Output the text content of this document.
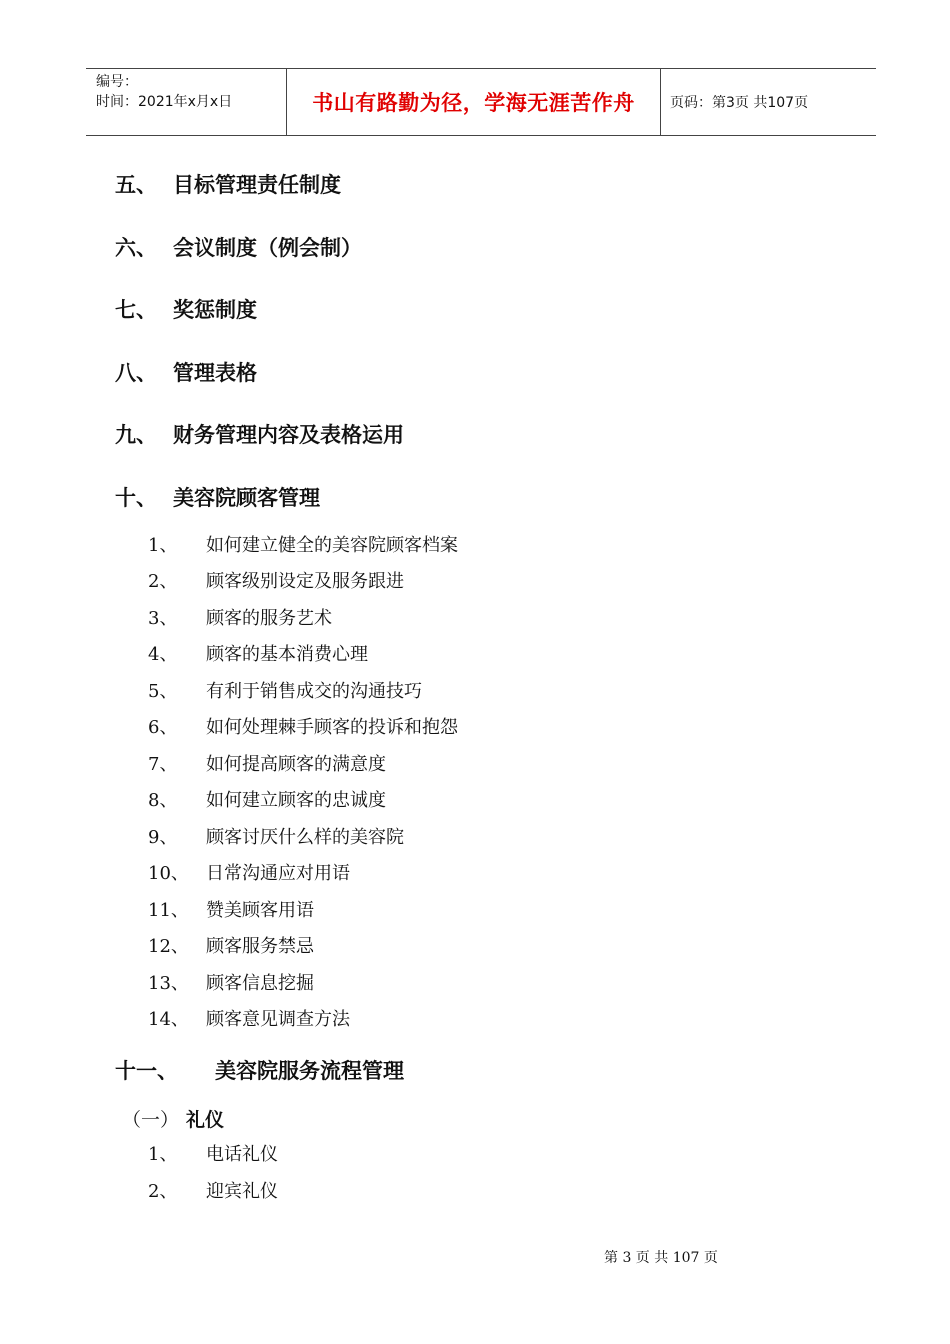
编号：
时间：2021年x月x日	书山有路勤为径，学海无涯苦作舟	页码：第3页 共107页
五、 目标管理责任制度
六、 会议制度（例会制）
七、 奖惩制度
八、 管理表格
九、 财务管理内容及表格运用
十、 美容院顾客管理
1、 如何建立健全的美容院顾客档案
2、 顾客级别设定及服务跟进
3、 顾客的服务艺术
4、 顾客的基本消费心理
5、 有利于销售成交的沟通技巧
6、 如何处理棘手顾客的投诉和抱怨
7、 如何提高顾客的满意度
8、 如何建立顾客的忠诚度
9、 顾客讨厌什么样的美容院
10、 日常沟通应对用语
11、 赞美顾客用语
12、 顾客服务禁忌
13、 顾客信息挖掘
14、 顾客意见调查方法
十一、 美容院服务流程管理
（一） 礼仪
1、 电话礼仪
2、 迎宾礼仪
第 3 页 共 107 页
